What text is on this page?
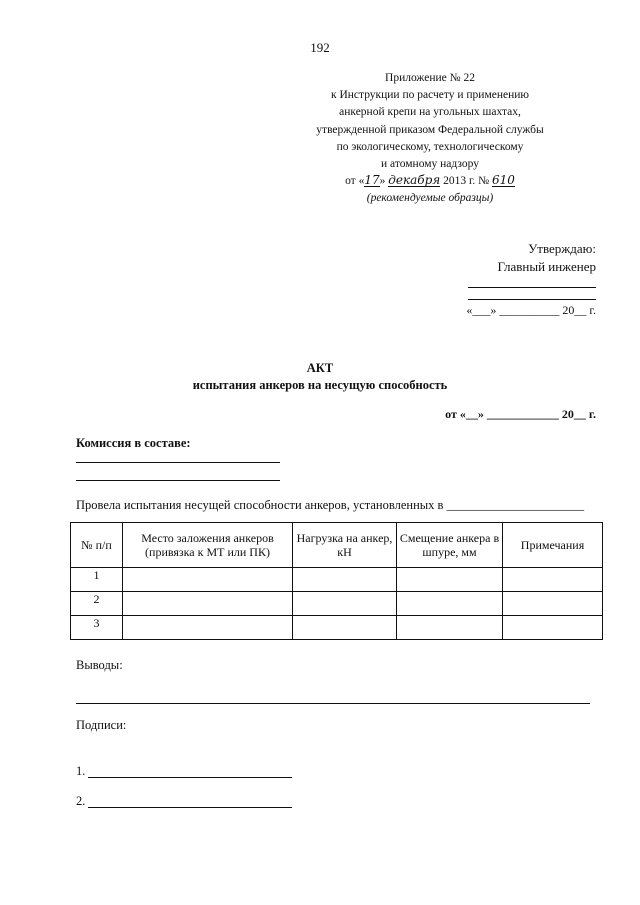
192
Приложение № 22
к Инструкции по расчету и применению
анкерной крепи на угольных шахтах,
утвержденной приказом Федеральной службы
по экологическому, технологическому
и атомному надзору
от «17» декабря 2013 г. № 610
(рекомендуемые образцы)
Утверждаю:
Главный инженер
«___» __________ 20__ г.
АКТ
испытания анкеров на несущую способность
от «__» ____________ 20__ г.
Комиссия в составе:
Провела испытания несущей способности анкеров, установленных в ______________________
№ п/п	Место заложения анкеров (привязка к МТ или ПК)	Нагрузка на анкер, кН	Смещение анкера в шпуре, мм	Примечания
1				
2				
3				
Выводы:
Подписи:
1.
2.
